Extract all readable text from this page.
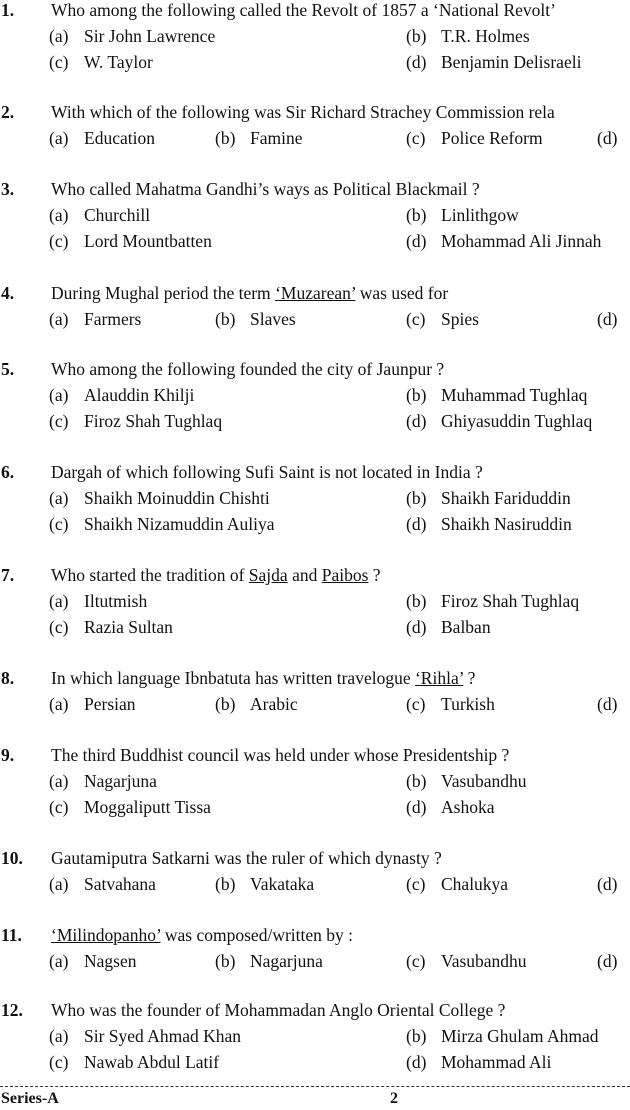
1. Who among the following called the Revolt of 1857 a ‘National Revolt’
(a) Sir John Lawrence	(b) T.R. Holmes
(c) W. Taylor	(d) Benjamin Delisraeli
2. With which of the following was Sir Richard Strachey Commission rela
(a) Education	(b) Famine	(c) Police Reform	(d)
3. Who called Mahatma Gandhi’s ways as Political Blackmail ?
(a) Churchill	(b) Linlithgow
(c) Lord Mountbatten	(d) Mohammad Ali Jinnah
4. During Mughal period the term ‘Muzarean’ was used for
(a) Farmers	(b) Slaves	(c) Spies	(d)
5. Who among the following founded the city of Jaunpur ?
(a) Alauddin Khilji	(b) Muhammad Tughlaq
(c) Firoz Shah Tughlaq	(d) Ghiyasuddin Tughlaq
6. Dargah of which following Sufi Saint is not located in India ?
(a) Shaikh Moinuddin Chishti	(b) Shaikh Fariduddin
(c) Shaikh Nizamuddin Auliya	(d) Shaikh Nasiruddin
7. Who started the tradition of Sajda and Paibos ?
(a) Iltutmish	(b) Firoz Shah Tughlaq
(c) Razia Sultan	(d) Balban
8. In which language Ibnbatuta has written travelogue ‘Rihla’ ?
(a) Persian	(b) Arabic	(c) Turkish	(d)
9. The third Buddhist council was held under whose Presidentship ?
(a) Nagarjuna	(b) Vasubandhu
(c) Moggaliputt Tissa	(d) Ashoka
10. Gautamiputra Satkarni was the ruler of which dynasty ?
(a) Satvahana	(b) Vakataka	(c) Chalukya	(d)
11. ‘Milindopanho’ was composed/written by :
(a) Nagsen	(b) Nagarjuna	(c) Vasubandhu	(d)
12. Who was the founder of Mohammadan Anglo Oriental College ?
(a) Sir Syed Ahmad Khan	(b) Mirza Ghulam Ahmad
(c) Nawab Abdul Latif	(d) Mohammad Ali
Series-A	2
